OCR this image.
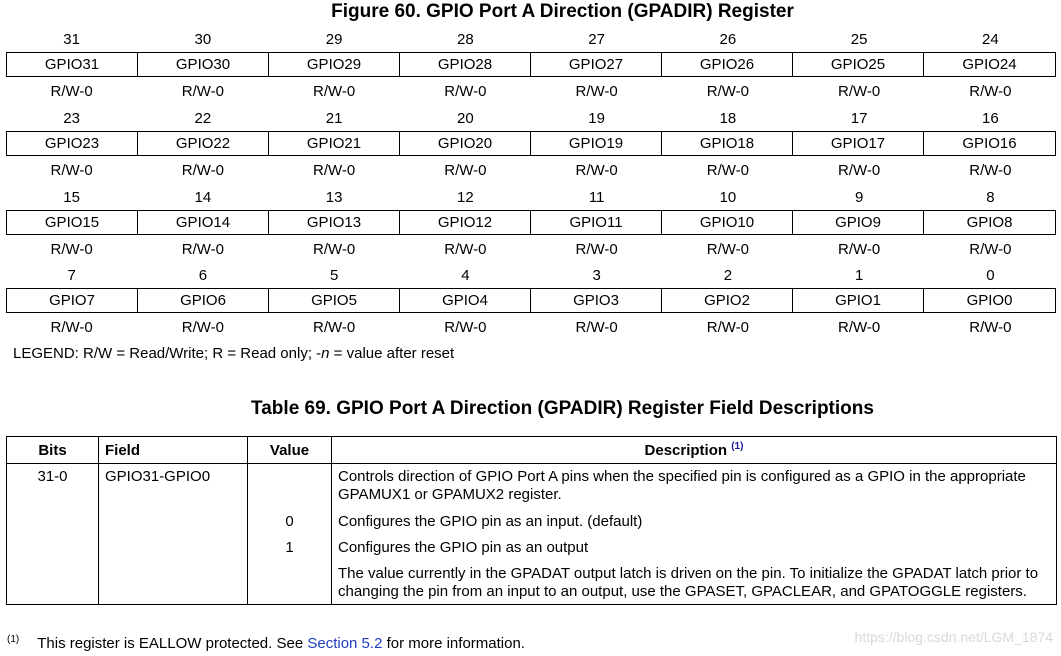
Figure 60. GPIO Port A Direction (GPADIR) Register
31	30	29	28	27	26	25	24
GPIO31	GPIO30	GPIO29	GPIO28	GPIO27	GPIO26	GPIO25	GPIO24
R/W-0	R/W-0	R/W-0	R/W-0	R/W-0	R/W-0	R/W-0	R/W-0
23	22	21	20	19	18	17	16
GPIO23	GPIO22	GPIO21	GPIO20	GPIO19	GPIO18	GPIO17	GPIO16
R/W-0	R/W-0	R/W-0	R/W-0	R/W-0	R/W-0	R/W-0	R/W-0
15	14	13	12	11	10	9	8
GPIO15	GPIO14	GPIO13	GPIO12	GPIO11	GPIO10	GPIO9	GPIO8
R/W-0	R/W-0	R/W-0	R/W-0	R/W-0	R/W-0	R/W-0	R/W-0
7	6	5	4	3	2	1	0
GPIO7	GPIO6	GPIO5	GPIO4	GPIO3	GPIO2	GPIO1	GPIO0
R/W-0	R/W-0	R/W-0	R/W-0	R/W-0	R/W-0	R/W-0	R/W-0
LEGEND: R/W = Read/Write; R = Read only; -n = value after reset
Table 69. GPIO Port A Direction (GPADIR) Register Field Descriptions
Bits	Field	Value	Description $^{(1)}$
31-0	GPIO31-GPIO0		Controls direction of GPIO Port A pins when the specified pin is configured as a GPIO in the appropriate GPAMUX1 or GPAMUX2 register.
		0	Configures the GPIO pin as an input. (default)
		1	Configures the GPIO pin as an output
			The value currently in the GPADAT output latch is driven on the pin. To initialize the GPADAT latch prior to changing the pin from an input to an output, use the GPASET, GPACLEAR, and GPATOGGLE registers.
$^{(1)}$ This register is EALLOW protected. See Section 5.2 for more information.	https://blog.csdn.net/LGM_1874
